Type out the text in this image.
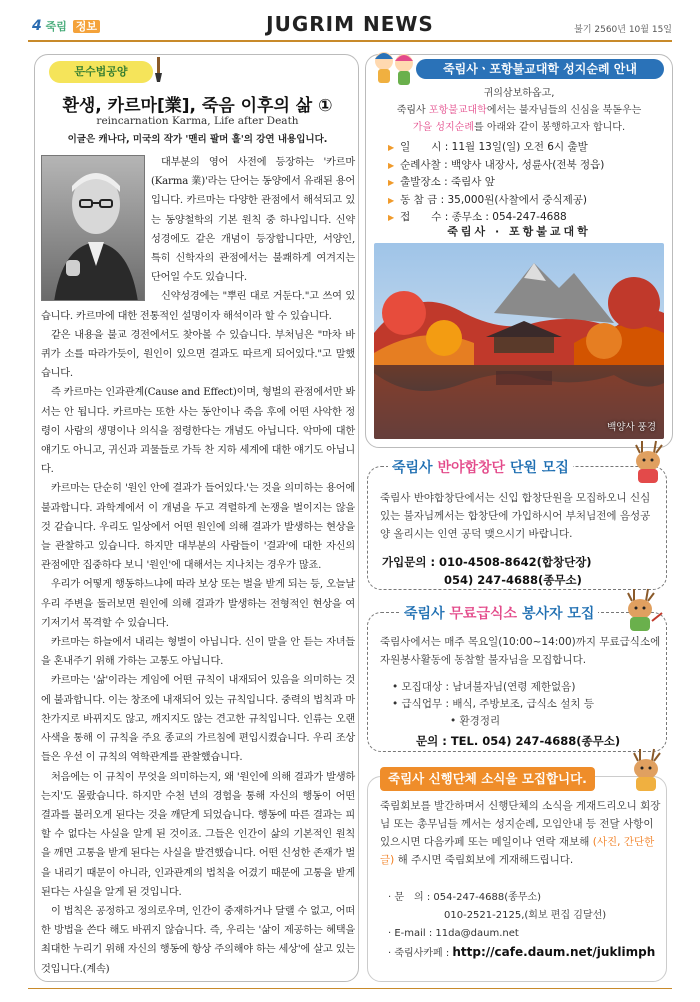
4 죽림 정보	JUGRIM NEWS	불기 2560년 10월 15일
문수법공양
환생, 카르마[業], 죽음 이후의 삶 ①
reincarnation Karma, Life after Death
이글은 캐나다, 미국의 작가 '맨리 팔머 홀'의 강연 내용입니다.

대부분의 영어 사전에 등장하는 '카르마(Karma 業)'라는 단어는 동양에서 유래된 용어입니다. 카르마는 다양한 관점에서 해석되고 있는 동양철학의 기본 원칙 중 하나입니다. 신약성경에도 같은 개념이 등장합니다만, 서양인, 특히 신학자의 관점에서는 불쾌하게 여겨지는 단어일 수도 있습니다.

신약성경에는 "뿌린 대로 거둔다."고 쓰여 있습니다. 카르마에 대한 전통적인 설명이자 해석이라 할 수 있습니다.

같은 내용을 불교 경전에서도 찾아볼 수 있습니다. 부처님은 "마차 바퀴가 소를 따라가듯이, 원인이 있으면 결과도 따르게 되어있다."고 말했습니다.

즉 카르마는 인과관계(Cause and Effect)이며, 형벌의 관점에서만 봐서는 안 됩니다. 카르마는 또한 사는 동안이나 죽음 후에 어떤 사악한 정령이 사람의 생명이나 의식을 점령한다는 개념도 아닙니다. 악마에 대한 얘기도 아니고, 귀신과 괴물들로 가득 찬 지하 세계에 대한 얘기도 아닙니다.

카르마는 단순히 '원인 안에 결과가 들어있다.'는 것을 의미하는 용어에 불과합니다. 과학계에서 이 개념을 두고 격렬하게 논쟁을 벌이지는 않을 것 같습니다. 우리도 일상에서 어떤 원인에 의해 결과가 발생하는 현상을 늘 관찰하고 있습니다. 하지만 대부분의 사람들이 '결과'에 대한 자신의 관점에만 집중하다 보니 '원인'에 대해서는 지나치는 경우가 많죠.

우리가 어떻게 행동하느냐에 따라 보상 또는 벌을 받게 되는 등, 오늘날 우리 주변을 둘러보면 원인에 의해 결과가 발생하는 전형적인 현상을 여기저기서 목격할 수 있습니다.

카르마는 하늘에서 내리는 형벌이 아닙니다. 신이 말을 안 듣는 자녀들을 혼내주기 위해 가하는 고통도 아닙니다.

카르마는 '삶'이라는 게임에 어떤 규칙이 내재되어 있음을 의미하는 것에 불과합니다. 이는 창조에 내재되어 있는 규칙입니다. 중력의 법칙과 마찬가지로 바뀌지도 않고, 깨지지도 않는 견고한 규칙입니다. 인류는 오랜 사색을 통해 이 규칙을 주요 종교의 가르침에 편입시켰습니다. 우리 조상들은 우선 이 규칙의 역학관계를 관찰했습니다.

처음에는 이 규칙이 무엇을 의미하는지, 왜 '원인에 의해 결과가 발생하는지'도 몰랐습니다. 하지만 수천 년의 경험을 통해 자신의 행동이 어떤 결과를 불러오게 된다는 것을 깨닫게 되었습니다. 행동에 따른 결과는 피할 수 없다는 사실을 알게 된 것이죠. 그들은 인간이 삶의 기본적인 원칙을 깨면 고통을 받게 된다는 사실을 발견했습니다. 어떤 신성한 존재가 벌을 내리기 때문이 아니라, 인과관계의 법칙을 어겼기 때문에 고통을 받게 된다는 사실을 알게 된 것입니다.

이 법칙은 공정하고 정의로우며, 인간이 중재하거나 달랠 수 없고, 어떠한 방법을 쓴다 해도 바뀌지 않습니다. 즉, 우리는 '삶이 제공하는 혜택을 최대한 누리기 위해 자신의 행동에 항상 주의해야 하는 세상'에 살고 있는 것입니다.(계속)

죽림사ㆍ포항불교대학 성지순례 안내
귀의삼보하옵고,
죽림사 포항불교대학에서는 불자님들의 신심을 북돋우는
가을 성지순례를 아래와 같이 봉행하고자 합니다.
▶ 일　　시 : 11월 13일(일) 오전 6시 출발
▶ 순례사찰 : 백양사 내장사, 성륜사(전북 정읍)
▶ 출발장소 : 죽림사 앞
▶ 동 참 금 : 35,000원(사찰에서 중식제공)
▶ 접　　수 : 종무소 : 054-247-4688
죽림사 · 포항불교대학
백양사 풍경
죽림사 반야합창단 단원 모집
죽림사 반야합창단에서는 신입 합창단원을 모집하오니 신심있는 불자님께서는 합창단에 가입하시어 부처님전에 음성공양 올리시는 인연 공덕 맺으시기 바랍니다.
가입문의 : 010-4508-8642(합창단장)
054) 247-4688(종무소)
죽림사 무료급식소 봉사자 모집
죽림사에서는 매주 목요일(10:00~14:00)까지 무료급식소에 자원봉사활동에 동참할 불자님을 모집합니다.
• 모집대상 : 남녀불자님(연령 제한없음)
• 급식업무 : 배식, 주방보조, 급식소 설치 등
• 환경정리
문의 : TEL. 054) 247-4688(종무소)
죽림사 신행단체 소식을 모집합니다.
죽림회보를 발간하며서 신행단체의 소식을 게재드리오니 회장님 또는 총무님들 께서는 성지순례, 모임안내 등 전달 사항이 있으시면 다음카페 또는 메일이나 연락 재보해 (사진, 간단한 글) 해 주시면 죽림회보에 게재해드립니다.
· 문　의 : 054-247-4688(종무소)
010-2521-2125,(회보 편집 김달선)
· E-mail : 11da@daum.net
· 죽림사카페 : http://cafe.daum.net/juklimph
